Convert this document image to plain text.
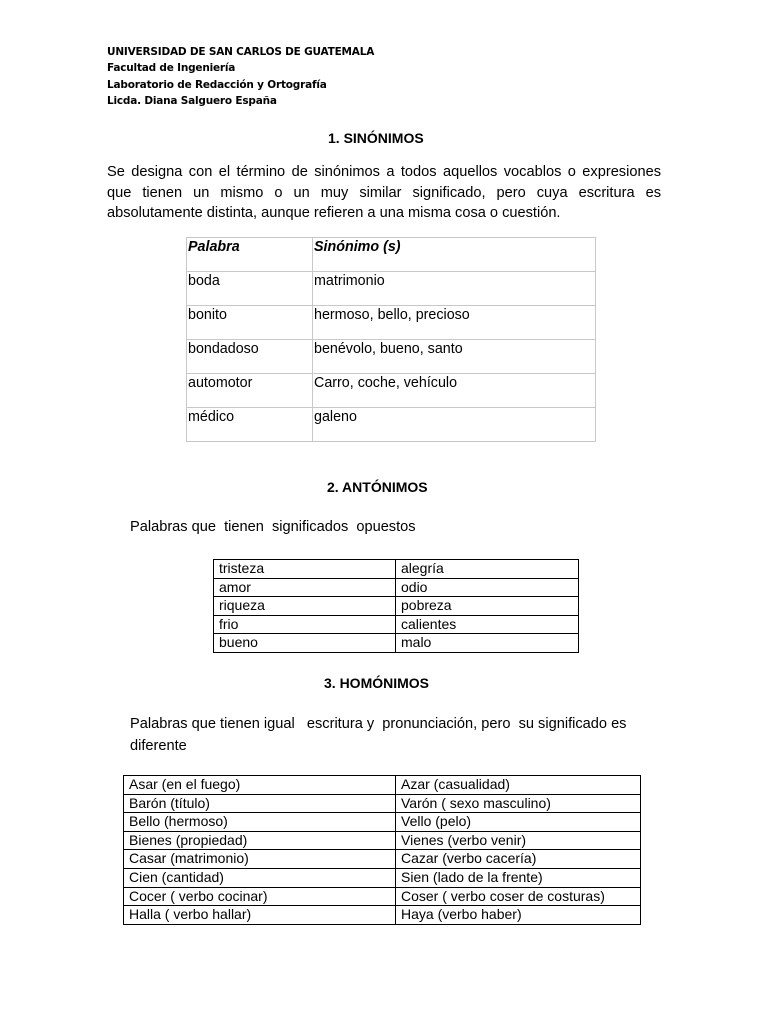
UNIVERSIDAD DE SAN CARLOS DE GUATEMALA
Facultad de Ingeniería
Laboratorio de Redacción y Ortografía
Licda. Diana Salguero España
1. SINÓNIMOS
Se designa con el término de sinónimos a todos aquellos vocablos o expresiones que tienen un mismo o un muy similar significado, pero cuya escritura es absolutamente distinta, aunque refieren a una misma cosa o cuestión.
Palabra	Sinónimo (s)

boda	matrimonio
bonito	hermoso, bello, precioso
bondadoso	benévolo, bueno, santo
automotor	Carro, coche, vehículo
médico	galeno
2. ANTÓNIMOS
Palabras que  tienen  significados  opuestos
tristeza	alegría
amor	odio
riqueza	pobreza
frio	calientes
bueno	malo
3. HOMÓNIMOS
Palabras que tienen igual   escritura y  pronunciación, pero  su significado es diferente
Asar (en el fuego)	Azar (casualidad)
Barón (título)	Varón ( sexo masculino)
Bello (hermoso)	Vello (pelo)
Bienes (propiedad)	Vienes (verbo venir)
Casar (matrimonio)	Cazar (verbo cacería)
Cien (cantidad)	Sien (lado de la frente)
Cocer ( verbo cocinar)	Coser ( verbo coser de costuras)
Halla ( verbo hallar)	Haya (verbo haber)
